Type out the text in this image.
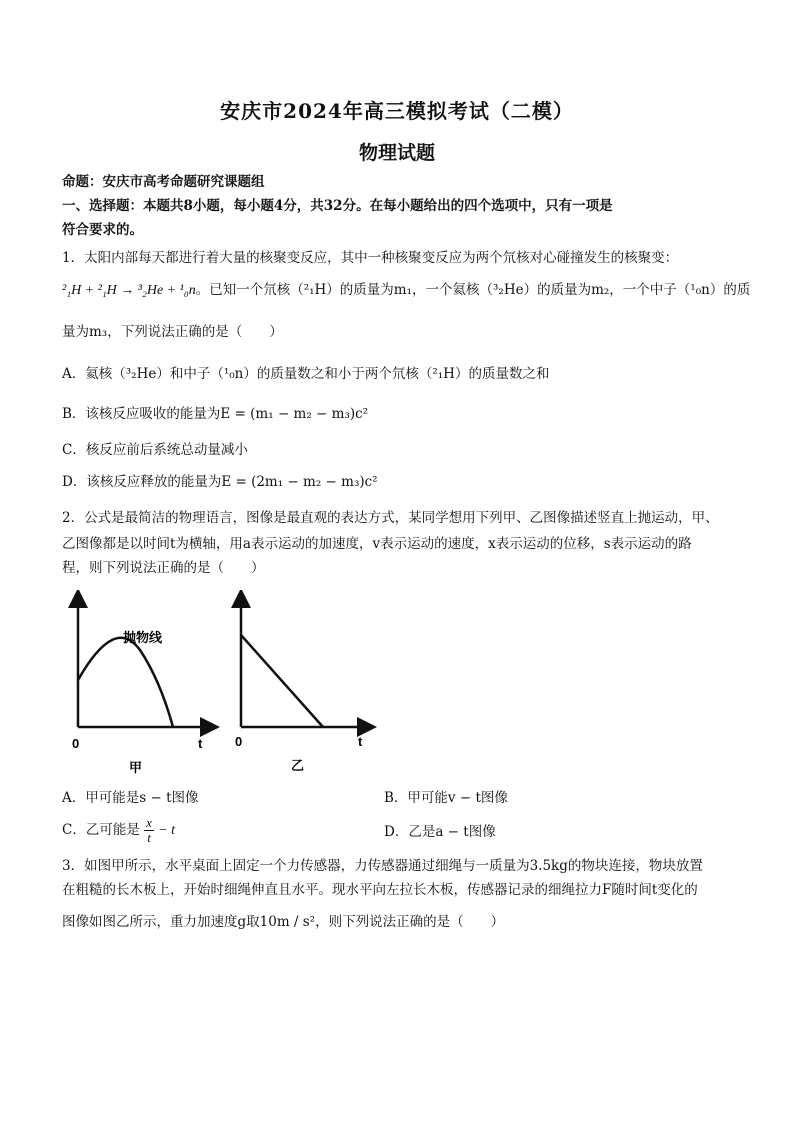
安庆市2024年高三模拟考试（二模）
物理试题
命题：安庆市高考命题研究课题组
一、选择题：本题共8小题，每小题4分，共32分。在每小题给出的四个选项中，只有一项是
符合要求的。
1．太阳内部每天都进行着大量的核聚变反应，其中一种核聚变反应为两个氘核对心碰撞发生的核聚变：
²₁H + ²₁H → ³₂He + ¹₀n。已知一个氘核（²₁H）的质量为m₁，一个氦核（³₂He）的质量为m₂，一个中子（¹₀n）的质
量为m₃，下列说法正确的是（　　）
A．氦核（³₂He）和中子（¹₀n）的质量数之和小于两个氘核（²₁H）的质量数之和
B．该核反应吸收的能量为E = (m₁ − m₂ − m₃)c²
C．核反应前后系统总动量减小
D．该核反应释放的能量为E = (2m₁ − m₂ − m₃)c²
2．公式是最简洁的物理语言，图像是最直观的表达方式，某同学想用下列甲、乙图像描述竖直上抛运动，甲、
乙图像都是以时间t为横轴，用a表示运动的加速度，v表示运动的速度，x表示运动的位移，s表示运动的路
程，则下列说法正确的是（　　）
抛物线
0	t
甲
0	t
乙
A．甲可能是s − t图像	B．甲可能v − t图像
C．乙可能是 $\frac{x}{t} - t$	D．乙是a − t图像
3．如图甲所示，水平桌面上固定一个力传感器，力传感器通过细绳与一质量为3.5kg的物块连接，物块放置
在粗糙的长木板上，开始时细绳伸直且水平。现水平向左拉长木板，传感器记录的细绳拉力F随时间t变化的
图像如图乙所示，重力加速度g取10m / s²，则下列说法正确的是（　　）
